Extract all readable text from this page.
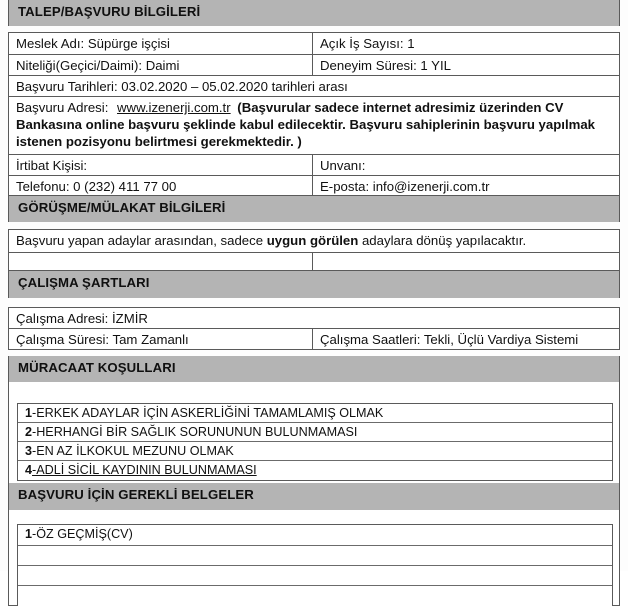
TALEP/BAŞVURU BİLGİLERİ
Meslek Adı: Süpürge işçisi	Açık İş Sayısı: 1
Niteliği(Geçici/Daimi): Daimi	Deneyim Süresi: 1 YIL
Başvuru Tarihleri: 03.02.2020 – 05.02.2020 tarihleri arası
Başvuru Adresi: www.izenerji.com.tr (Başvurular sadece internet adresimiz üzerinden CV Bankasına online başvuru şeklinde kabul edilecektir. Başvuru sahiplerinin başvuru yapılmak istenen pozisyonu belirtmesi gerekmektedir. )
İrtibat Kişisi:	Unvanı:
Telefonu: 0 (232) 411 77 00	E-posta: info@izenerji.com.tr
GÖRÜŞME/MÜLAKAT BİLGİLERİ
Başvuru yapan adaylar arasından, sadece uygun görülen adaylara dönüş yapılacaktır.
ÇALIŞMA ŞARTLARI
Çalışma Adresi: İZMİR
Çalışma Süresi: Tam Zamanlı	Çalışma Saatleri: Tekli, Üçlü Vardiya Sistemi
MÜRACAAT KOŞULLARI
1-ERKEK ADAYLAR İÇİN ASKERLİĞİNİ TAMAMLAMIŞ OLMAK
2-HERHANGİ BİR SAĞLIK SORUNUNUN BULUNMAMASI
3-EN AZ İLKOKUL MEZUNU OLMAK
4-ADLİ SİCİL KAYDININ BULUNMAMASI
BAŞVURU İÇİN GEREKLİ BELGELER
1-ÖZ GEÇMİŞ(CV)
